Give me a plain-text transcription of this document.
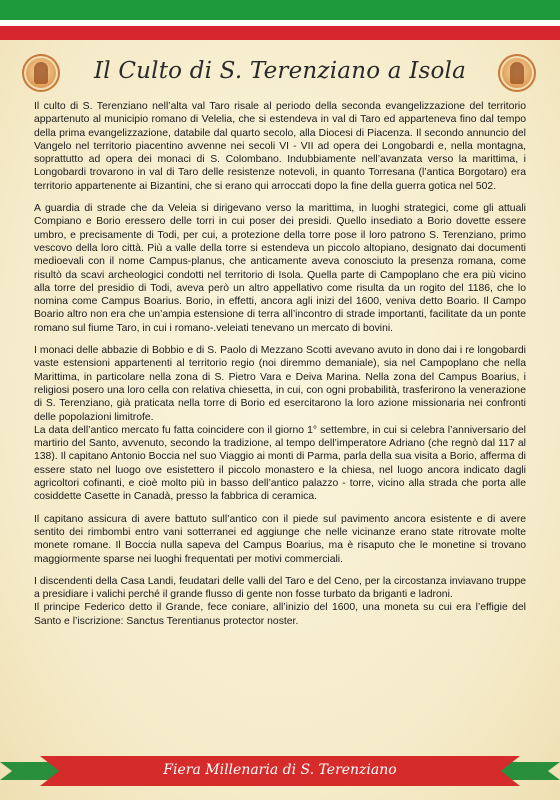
Il Culto di S. Terenziano a Isola

Il culto di S. Terenziano nell’alta val Taro risale al periodo della seconda evangelizzazione del territorio appartenuto al municipio romano di Velelia, che si estendeva in val di Taro ed apparteneva fino dal tempo della prima evangelizzazione, databile dal quarto secolo, alla Diocesi di Piacenza. Il secondo annuncio del Vangelo nel territorio piacentino avvenne nei secoli VI - VII ad opera dei Longobardi e, nella montagna, soprattutto ad opera dei monaci di S. Colombano. Indubbiamente nell’avanzata verso la marittima, i Longobardi trovarono in val di Taro delle resistenze notevoli, in quanto Torresana (l’antica Borgotaro) era territorio appartenente ai Bizantini, che si erano qui arroccati dopo la fine della guerra gotica nel 502.

A guardia di strade che da Veleia si dirigevano verso la marittima, in luoghi strategici, come gli attuali Compiano e Borio eressero delle torri in cui poser dei presidi. Quello insediato a Borio dovette essere umbro, e precisamente di Todi, per cui, a protezione della torre pose il loro patrono S. Terenziano, primo vescovo della loro città. Più a valle della torre si estendeva un piccolo altopiano, designato dai documenti medioevali con il nome Campus-planus, che anticamente aveva conosciuto la presenza romana, come risultò da scavi archeologici condotti nel territorio di Isola. Quella parte di Campoplano che era più vicino alla torre del presidio di Todi, aveva però un altro appellativo come risulta da un rogito del 1186, che lo nomina come Campus Boarius. Borio, in effetti, ancora agli inizi del 1600, veniva detto Boario. Il Campo Boario altro non era che un’ampia estensione di terra all’incontro di strade importanti, facilitate da un ponte romano sul fiume Taro, in cui i romano-.veleiati tenevano un mercato di bovini.

I monaci delle abbazie di Bobbio e di S. Paolo di Mezzano Scotti avevano avuto in dono dai i re longobardi vaste estensioni appartenenti al territorio regio (noi diremmo demaniale), sia nel Campoplano che nella Marittima, in particolare nella zona di S. Pietro Vara e Deiva Marina. Nella zona del Campus Boarius, i religiosi posero una loro cella con relativa chiesetta, in cui, con ogni probabilità, trasferirono la venerazione di S. Terenziano, già praticata nella torre di Borio ed esercitarono la loro azione missionaria nei confronti delle popolazioni limitrofe.

La data dell’antico mercato fu fatta coincidere con il giorno 1° settembre, in cui si celebra l’anniversario del martirio del Santo, avvenuto, secondo la tradizione, al tempo dell’imperatore Adriano (che regnò dal 117 al 138). Il capitano Antonio Boccia nel suo Viaggio ai monti di Parma, parla della sua visita a Borio, afferma di essere stato nel luogo ove esistettero il piccolo monastero e la chiesa, nel luogo ancora indicato dagli agricoltori cofinanti, e cioè molto più in basso dell’antico palazzo - torre, vicino alla strada che porta alle cosiddette Casette in Canadà, presso la fabbrica di ceramica.

Il capitano assicura di avere battuto sull’antico con il piede sul pavimento ancora esistente e di avere sentito dei rimbombi entro vani sotterranei ed aggiunge che nelle vicinanze erano state ritrovate molte monete romane. Il Boccia nulla sapeva del Campus Boarius, ma è risaputo che le monetine si trovano maggiormente sparse nei luoghi frequentati per motivi commerciali.

I discendenti della Casa Landi, feudatari delle valli del Taro e del Ceno, per la circostanza inviavano truppe a presidiare i valichi perché il grande flusso di gente non fosse turbato da briganti e ladroni.

Il principe Federico detto il Grande, fece coniare, all’inizio del 1600, una moneta su cui era l’effigie del Santo e l’iscrizione: Sanctus Terentianus protector noster.

Fiera Millenaria di S. Terenziano
